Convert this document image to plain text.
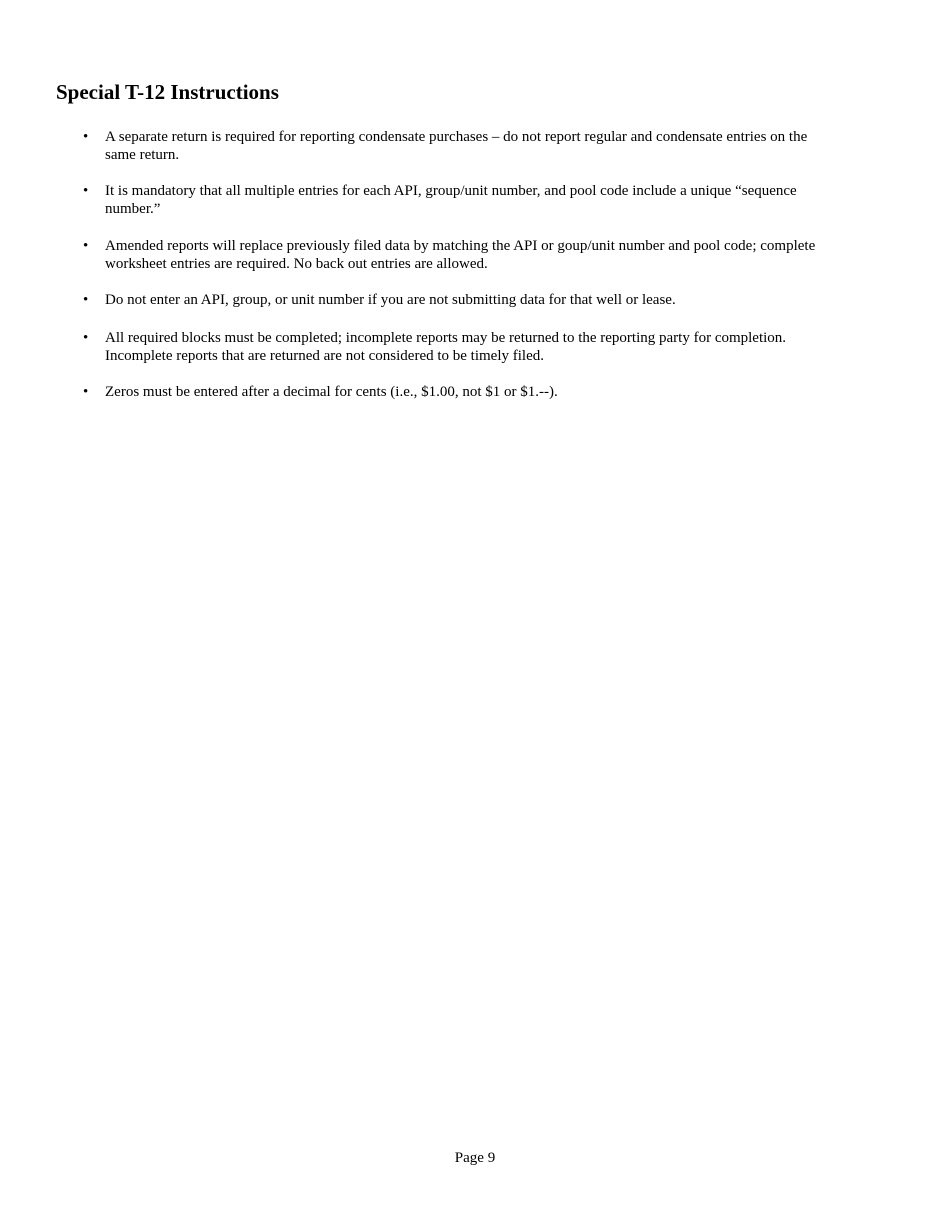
Special T-12 Instructions
•	A separate return is required for reporting condensate purchases – do not report regular and condensate entries on the
same return.
•	It is mandatory that all multiple entries for each API, group/unit number, and pool code include a unique “sequence
number.”
•	Amended reports will replace previously filed data by matching the API or goup/unit number and pool code; complete
worksheet entries are required. No back out entries are allowed.
•	Do not enter an API, group, or unit number if you are not submitting data for that well or lease.
•	All required blocks must be completed; incomplete reports may be returned to the reporting party for completion.
Incomplete reports that are returned are not considered to be timely filed.
•	Zeros must be entered after a decimal for cents (i.e., $1.00, not $1 or $1.--).
Page 9
